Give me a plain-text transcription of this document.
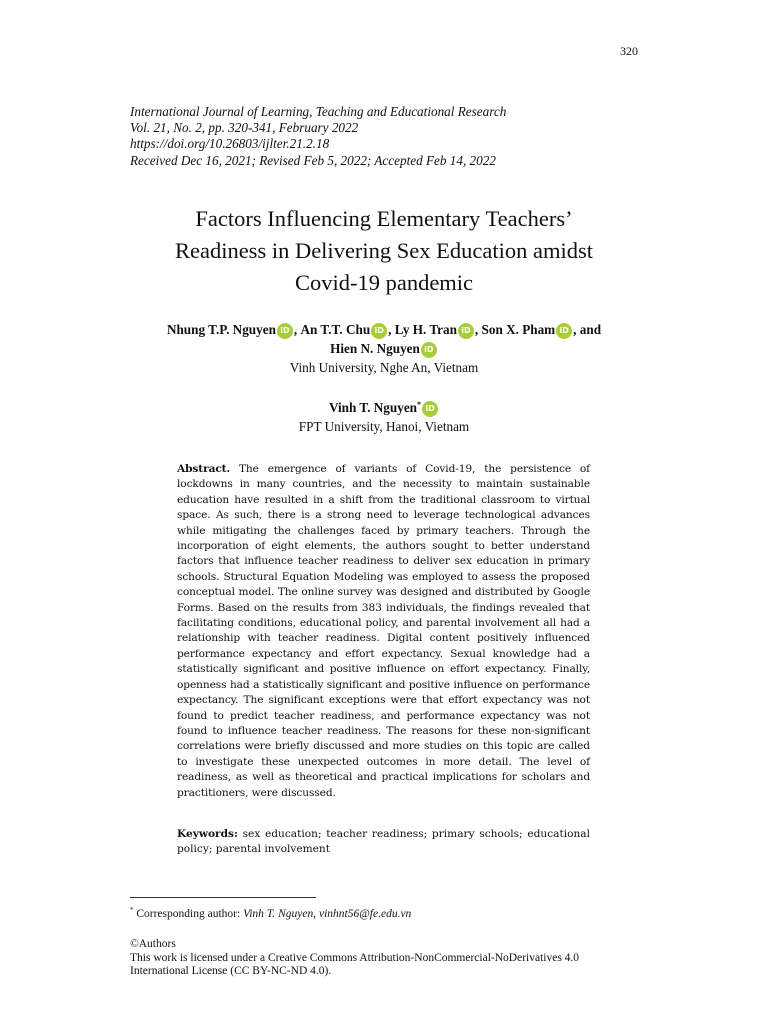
320
International Journal of Learning, Teaching and Educational Research
Vol. 21, No. 2, pp. 320-341, February 2022
https://doi.org/10.26803/ijlter.21.2.18
Received Dec 16, 2021; Revised Feb 5, 2022; Accepted Feb 14, 2022
Factors Influencing Elementary Teachers’
Readiness in Delivering Sex Education amidst
Covid-19 pandemic
Nhung T.P. Nguyen iD , An T.T. Chu iD , Ly H. Tran iD , Son X. Pham iD , and
Hien N. Nguyen iD
Vinh University, Nghe An, Vietnam
Vinh T. Nguyen* iD
FPT University, Hanoi, Vietnam
Abstract. The emergence of variants of Covid-19, the persistence of lockdowns in many countries, and the necessity to maintain sustainable education have resulted in a shift from the traditional classroom to virtual space. As such, there is a strong need to leverage technological advances while mitigating the challenges faced by primary teachers. Through the incorporation of eight elements, the authors sought to better understand factors that influence teacher readiness to deliver sex education in primary schools. Structural Equation Modeling was employed to assess the proposed conceptual model. The online survey was designed and distributed by Google Forms. Based on the results from 383 individuals, the findings revealed that facilitating conditions, educational policy, and parental involvement all had a relationship with teacher readiness. Digital content positively influenced performance expectancy and effort expectancy. Sexual knowledge had a statistically significant and positive influence on effort expectancy. Finally, openness had a statistically significant and positive influence on performance expectancy. The significant exceptions were that effort expectancy was not found to predict teacher readiness, and performance expectancy was not found to influence teacher readiness. The reasons for these non-significant correlations were briefly discussed and more studies on this topic are called to investigate these unexpected outcomes in more detail. The level of readiness, as well as theoretical and practical implications for scholars and practitioners, were discussed.
Keywords: sex education; teacher readiness; primary schools; educational policy; parental involvement
* Corresponding author: Vinh T. Nguyen, vinhnt56@fe.edu.vn
©Authors
This work is licensed under a Creative Commons Attribution-NonCommercial-NoDerivatives 4.0
International License (CC BY-NC-ND 4.0).
